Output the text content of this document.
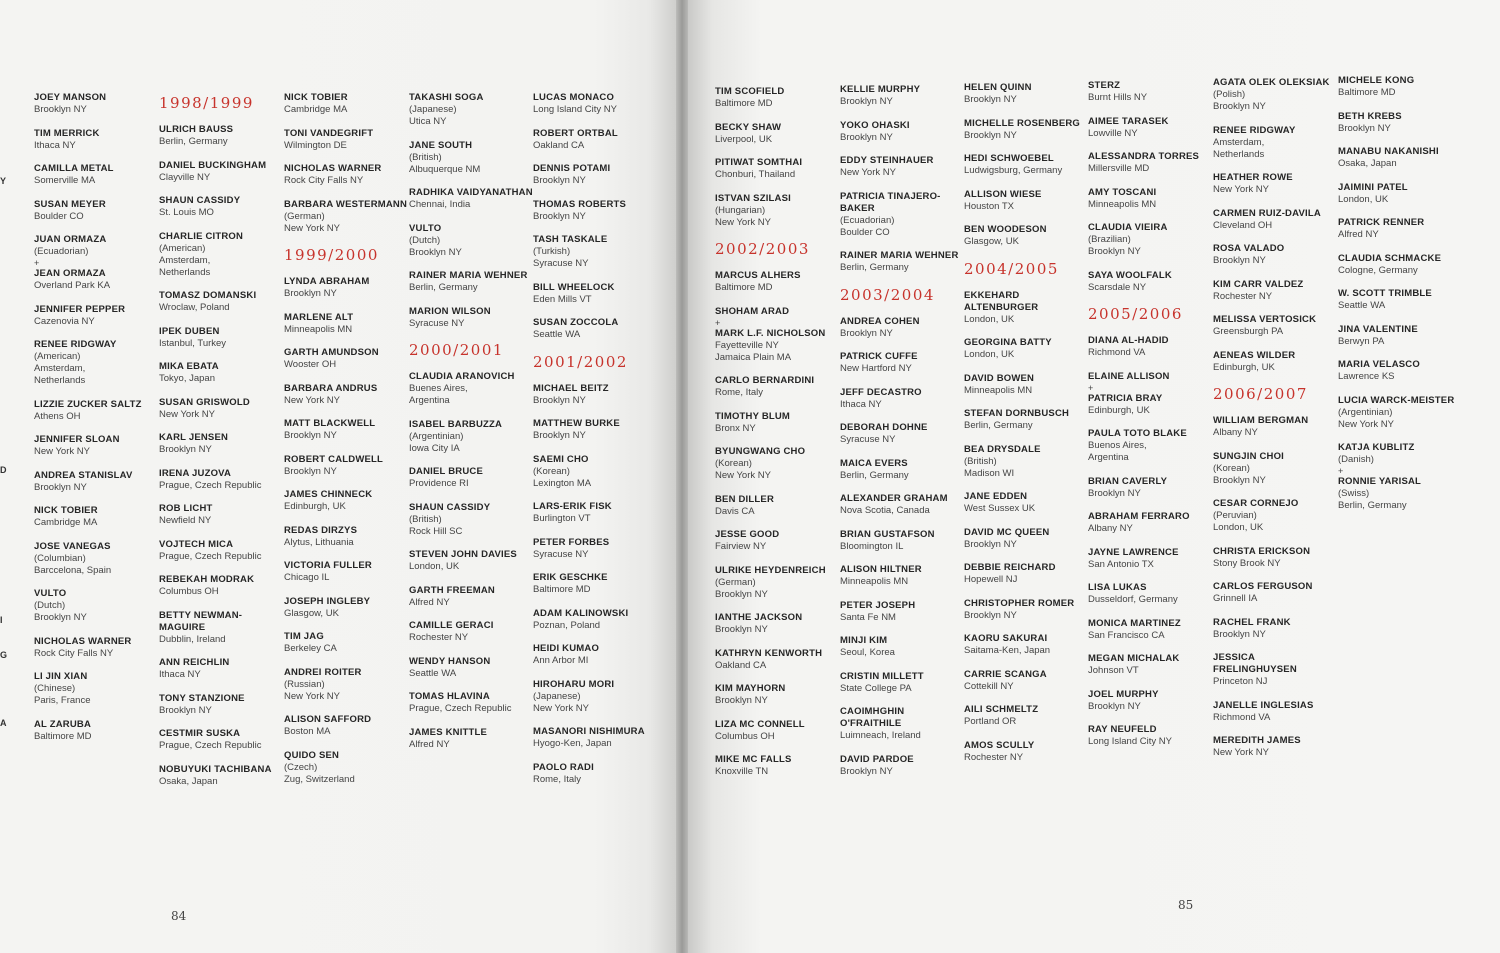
JOEY MANSON
Brooklyn NY
TIM MERRICK
Ithaca NY
CAMILLA METAL
Somerville MA
SUSAN MEYER
Boulder CO
JUAN ORMAZA
(Ecuadorian)
+
JEAN ORMAZA
Overland Park KA
JENNIFER PEPPER
Cazenovia NY
RENEE RIDGWAY
(American)
Amsterdam,
Netherlands
LIZZIE ZUCKER SALTZ
Athens OH
JENNIFER SLOAN
New York NY
ANDREA STANISLAV
Brooklyn NY
NICK TOBIER
Cambridge MA
JOSE VANEGAS
(Columbian)
Barccelona, Spain
VULTO
(Dutch)
Brooklyn NY
NICHOLAS WARNER
Rock City Falls NY
LI JIN XIAN
(Chinese)
Paris, France
AL ZARUBA
Baltimore MD
1998/1999
ULRICH BAUSS
Berlin, Germany
DANIEL BUCKINGHAM
Clayville NY
SHAUN CASSIDY
St. Louis MO
CHARLIE CITRON
(American)
Amsterdam,
Netherlands
TOMASZ DOMANSKI
Wroclaw, Poland
IPEK DUBEN
Istanbul, Turkey
MIKA EBATA
Tokyo, Japan
SUSAN GRISWOLD
New York NY
KARL JENSEN
Brooklyn NY
IRENA JUZOVA
Prague, Czech Republic
ROB LICHT
Newfield NY
VOJTECH MICA
Prague, Czech Republic
REBEKAH MODRAK
Columbus OH
BETTY NEWMAN-MAGUIRE
Dubblin, Ireland
ANN REICHLIN
Ithaca NY
TONY STANZIONE
Brooklyn NY
CESTMIR SUSKA
Prague, Czech Republic
NOBUYUKI TACHIBANA
Osaka, Japan
NICK TOBIER
Cambridge MA
TONI VANDEGRIFT
Wilmington DE
NICHOLAS WARNER
Rock City Falls NY
BARBARA WESTERMANN
(German)
New York NY
1999/2000
LYNDA ABRAHAM
Brooklyn NY
MARLENE ALT
Minneapolis MN
GARTH AMUNDSON
Wooster OH
BARBARA ANDRUS
New York NY
MATT BLACKWELL
Brooklyn NY
ROBERT CALDWELL
Brooklyn NY
JAMES CHINNECK
Edinburgh, UK
REDAS DIRZYS
Alytus, Lithuania
VICTORIA FULLER
Chicago IL
JOSEPH INGLEBY
Glasgow, UK
TIM JAG
Berkeley CA
ANDREI ROITER
(Russian)
New York NY
ALISON SAFFORD
Boston MA
QUIDO SEN
(Czech)
Zug, Switzerland
TAKASHI SOGA
(Japanese)
Utica NY
JANE SOUTH
(British)
Albuquerque NM
RADHIKA VAIDYANATHAN
Chennai, India
VULTO
(Dutch)
Brooklyn NY
RAINER MARIA WEHNER
Berlin, Germany
MARION WILSON
Syracuse NY
2000/2001
CLAUDIA ARANOVICH
Buenes Aires,
Argentina
ISABEL BARBUZZA
(Argentinian)
Iowa City IA
DANIEL BRUCE
Providence RI
SHAUN CASSIDY
(British)
Rock Hill SC
STEVEN JOHN DAVIES
London, UK
GARTH FREEMAN
Alfred NY
CAMILLE GERACI
Rochester NY
WENDY HANSON
Seattle WA
TOMAS HLAVINA
Prague, Czech Republic
JAMES KNITTLE
Alfred NY
LUCAS MONACO
Long Island City NY
ROBERT ORTBAL
Oakland CA
DENNIS POTAMI
Brooklyn NY
THOMAS ROBERTS
Brooklyn NY
TASH TASKALE
(Turkish)
Syracuse NY
BILL WHEELOCK
Eden Mills VT
SUSAN ZOCCOLA
Seattle WA
2001/2002
MICHAEL BEITZ
Brooklyn NY
MATTHEW BURKE
Brooklyn NY
SAEMI CHO
(Korean)
Lexington MA
LARS-ERIK FISK
Burlington VT
PETER FORBES
Syracuse NY
ERIK GESCHKE
Baltimore MD
ADAM KALINOWSKI
Poznan, Poland
HEIDI KUMAO
Ann Arbor MI
HIROHARU MORI
(Japanese)
New York NY
MASANORI NISHIMURA
Hyogo-Ken, Japan
PAOLO RADI
Rome, Italy
Y
D
I
G
A
84
TIM SCOFIELD
Baltimore MD
BECKY SHAW
Liverpool, UK
PITIWAT SOMTHAI
Chonburi, Thailand
ISTVAN SZILASI
(Hungarian)
New York NY
2002/2003
MARCUS ALHERS
Baltimore MD
SHOHAM ARAD
+
MARK L.F. NICHOLSON
Fayetteville NY
Jamaica Plain MA
CARLO BERNARDINI
Rome, Italy
TIMOTHY BLUM
Bronx NY
BYUNGWANG CHO
(Korean)
New York NY
BEN DILLER
Davis CA
JESSE GOOD
Fairview NY
ULRIKE HEYDENREICH
(German)
Brooklyn NY
IANTHE JACKSON
Brooklyn NY
KATHRYN KENWORTH
Oakland CA
KIM MAYHORN
Brooklyn NY
LIZA MC CONNELL
Columbus OH
MIKE MC FALLS
Knoxville TN
KELLIE MURPHY
Brooklyn NY
YOKO OHASKI
Brooklyn NY
EDDY STEINHAUER
New York NY
PATRICIA TINAJERO-BAKER
(Ecuadorian)
Boulder CO
RAINER MARIA WEHNER
Berlin, Germany
2003/2004
ANDREA COHEN
Brooklyn NY
PATRICK CUFFE
New Hartford NY
JEFF DECASTRO
Ithaca NY
DEBORAH DOHNE
Syracuse NY
MAICA EVERS
Berlin, Germany
ALEXANDER GRAHAM
Nova Scotia, Canada
BRIAN GUSTAFSON
Bloomington IL
ALISON HILTNER
Minneapolis MN
PETER JOSEPH
Santa Fe NM
MINJI KIM
Seoul, Korea
CRISTIN MILLETT
State College PA
CAOIMHGHIN O'FRAITHILE
Luimneach, Ireland
DAVID PARDOE
Brooklyn NY
HELEN QUINN
Brooklyn NY
MICHELLE ROSENBERG
Brooklyn NY
HEDI SCHWOEBEL
Ludwigsburg, Germany
ALLISON WIESE
Houston TX
BEN WOODESON
Glasgow, UK
2004/2005
EKKEHARD ALTENBURGER
London, UK
GEORGINA BATTY
London, UK
DAVID BOWEN
Minneapolis MN
STEFAN DORNBUSCH
Berlin, Germany
BEA DRYSDALE
(British)
Madison WI
JANE EDDEN
West Sussex UK
DAVID MC QUEEN
Brooklyn NY
DEBBIE REICHARD
Hopewell NJ
CHRISTOPHER ROMER
Brooklyn NY
KAORU SAKURAI
Saitama-Ken, Japan
CARRIE SCANGA
Cottekill NY
AILI SCHMELTZ
Portland OR
AMOS SCULLY
Rochester NY
STERZ
Burnt Hills NY
AIMEE TARASEK
Lowville NY
ALESSANDRA TORRES
Millersville MD
AMY TOSCANI
Minneapolis MN
CLAUDIA VIEIRA
(Brazilian)
Brooklyn NY
SAYA WOOLFALK
Scarsdale NY
2005/2006
DIANA AL-HADID
Richmond VA
ELAINE ALLISON
+
PATRICIA BRAY
Edinburgh, UK
PAULA TOTO BLAKE
Buenos Aires,
Argentina
BRIAN CAVERLY
Brooklyn NY
ABRAHAM FERRARO
Albany NY
JAYNE LAWRENCE
San Antonio TX
LISA LUKAS
Dusseldorf, Germany
MONICA MARTINEZ
San Francisco CA
MEGAN MICHALAK
Johnson VT
JOEL MURPHY
Brooklyn NY
RAY NEUFELD
Long Island City NY
AGATA OLEK OLEKSIAK
(Polish)
Brooklyn NY
RENEE RIDGWAY
Amsterdam,
Netherlands
HEATHER ROWE
New York NY
CARMEN RUIZ-DAVILA
Cleveland OH
ROSA VALADO
Brooklyn NY
KIM CARR VALDEZ
Rochester NY
MELISSA VERTOSICK
Greensburgh PA
AENEAS WILDER
Edinburgh, UK
2006/2007
WILLIAM BERGMAN
Albany NY
SUNGJIN CHOI
(Korean)
Brooklyn NY
CESAR CORNEJO
(Peruvian)
London, UK
CHRISTA ERICKSON
Stony Brook NY
CARLOS FERGUSON
Grinnell IA
RACHEL FRANK
Brooklyn NY
JESSICA FRELINGHUYSEN
Princeton NJ
JANELLE INGLESIAS
Richmond VA
MEREDITH JAMES
New York NY
MICHELE KONG
Baltimore MD
BETH KREBS
Brooklyn NY
MANABU NAKANISHI
Osaka, Japan
JAIMINI PATEL
London, UK
PATRICK RENNER
Alfred NY
CLAUDIA SCHMACKE
Cologne, Germany
W. SCOTT TRIMBLE
Seattle WA
JINA VALENTINE
Berwyn PA
MARIA VELASCO
Lawrence KS
LUCIA WARCK-MEISTER
(Argentinian)
New York NY
KATJA KUBLITZ
(Danish)
+
RONNIE YARISAL
(Swiss)
Berlin, Germany
85
